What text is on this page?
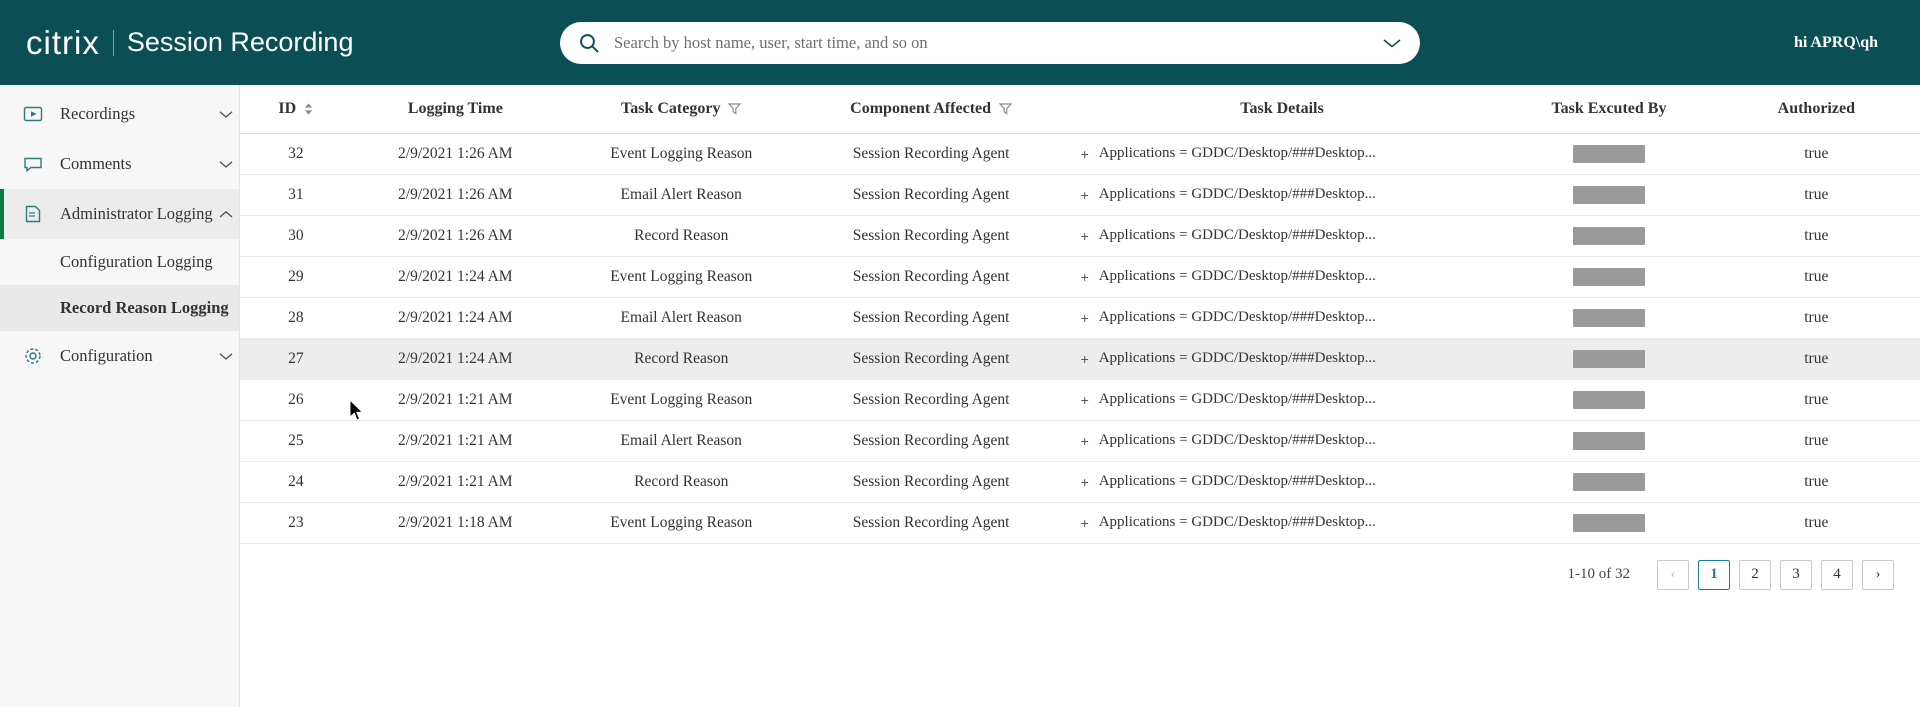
citrix Session Recording
Search by host name, user, start time, and so on	hi APRQ\qh
Recordings
Comments
Administrator Logging
Configuration Logging
Record Reason Logging
Configuration
ID	Logging Time	Task Category	Component Affected	Task Details	Task Excuted By	Authorized

32	2/9/2021 1:26 AM	Event Logging Reason	Session Recording Agent	+ Applications = GDDC/Desktop/###Desktop...		true
31	2/9/2021 1:26 AM	Email Alert Reason	Session Recording Agent	+ Applications = GDDC/Desktop/###Desktop...		true
30	2/9/2021 1:26 AM	Record Reason	Session Recording Agent	+ Applications = GDDC/Desktop/###Desktop...		true
29	2/9/2021 1:24 AM	Event Logging Reason	Session Recording Agent	+ Applications = GDDC/Desktop/###Desktop...		true
28	2/9/2021 1:24 AM	Email Alert Reason	Session Recording Agent	+ Applications = GDDC/Desktop/###Desktop...		true
27	2/9/2021 1:24 AM	Record Reason	Session Recording Agent	+ Applications = GDDC/Desktop/###Desktop...		true
26	2/9/2021 1:21 AM	Event Logging Reason	Session Recording Agent	+ Applications = GDDC/Desktop/###Desktop...		true
25	2/9/2021 1:21 AM	Email Alert Reason	Session Recording Agent	+ Applications = GDDC/Desktop/###Desktop...		true
24	2/9/2021 1:21 AM	Record Reason	Session Recording Agent	+ Applications = GDDC/Desktop/###Desktop...		true
23	2/9/2021 1:18 AM	Event Logging Reason	Session Recording Agent	+ Applications = GDDC/Desktop/###Desktop...		true
1-10 of 32	‹	1	2	3	4	›
